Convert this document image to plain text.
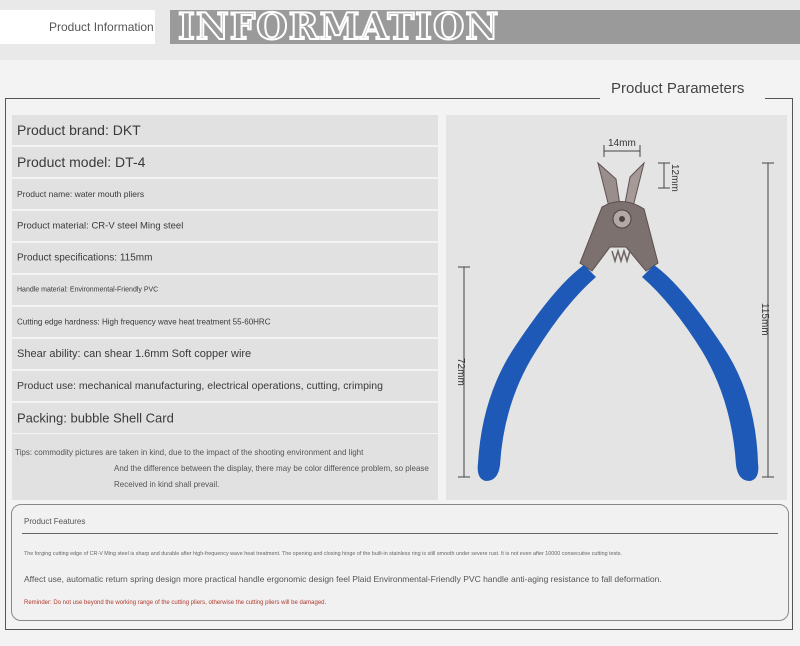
Product Information INFORMATION
Product Parameters
Product brand: DKT
Product model: DT-4
Product name: water mouth pliers
Product material: CR-V steel Ming steel
Product specifications: 115mm
Handle material: Environmental-Friendly PVC
Cutting edge hardness: High frequency wave heat treatment 55-60HRC
Shear ability: can shear 1.6mm Soft copper wire
Product use: mechanical manufacturing, electrical operations, cutting, crimping
Packing: bubble Shell Card
Tips: commodity pictures are taken in kind, due to the impact of the shooting environment and light
And the difference between the display, there may be color difference problem, so please
Received in kind shall prevail.
14mm
12mm
115mm
72mm
Product Features
The forging cutting edge of CR-V Ming steel is sharp and durable after high-frequency wave heat treatment. The opening and closing hinge of the built-in stainless ring is still smooth under severe rust. It is not even after 10000 consecutive cutting tests.
Affect use, automatic return spring design more practical handle ergonomic design feel Plaid Environmental-Friendly PVC handle anti-aging resistance to fall deformation.
Reminder: Do not use beyond the working range of the cutting pliers, otherwise the cutting pliers will be damaged.
